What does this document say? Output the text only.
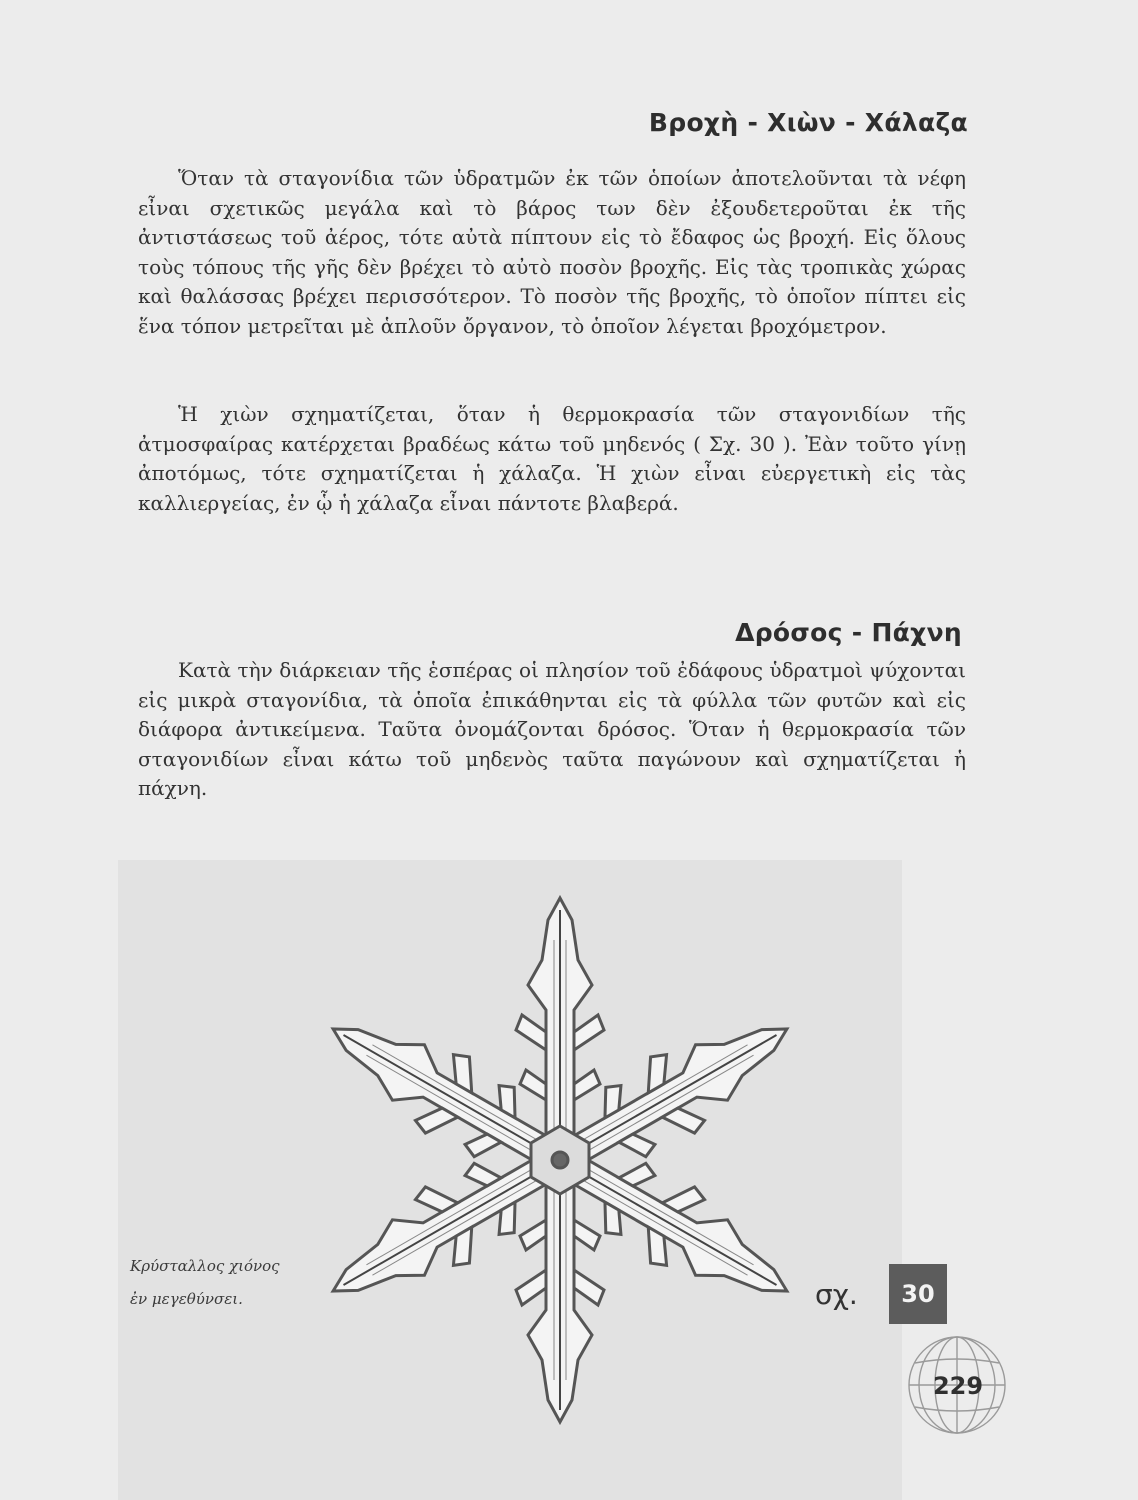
Βροχὴ - Χιὼν - Χάλαζα
Ὅταν τὰ σταγονίδια τῶν ὑδρατμῶν ἐκ τῶν ὁποίων ἀποτελοῦνται τὰ νέφη εἶναι σχετικῶς μεγάλα καὶ τὸ βάρος των δὲν ἐξουδετεροῦται ἐκ τῆς ἀντιστάσεως τοῦ ἀέρος, τότε αὐτὰ πίπτουν εἰς τὸ ἔδαφος ὡς βροχή. Εἰς ὅλους τοὺς τόπους τῆς γῆς δὲν βρέχει τὸ αὐτὸ ποσὸν βροχῆς. Εἰς τὰς τροπικὰς χώρας καὶ θαλάσσας βρέχει περισσότερον. Τὸ ποσὸν τῆς βροχῆς, τὸ ὁποῖον πίπτει εἰς ἕνα τόπον μετρεῖται μὲ ἁπλοῦν ὄργανον, τὸ ὁποῖον λέγεται βροχόμετρον.
Ἡ χιὼν σχηματίζεται, ὅταν ἡ θερμοκρασία τῶν σταγονιδίων τῆς ἀτμοσφαίρας κατέρχεται βραδέως κάτω τοῦ μηδενός ( Σχ. 30 ). Ἐὰν τοῦτο γίνῃ ἀποτόμως, τότε σχηματίζεται ἡ χάλαζα. Ἡ χιὼν εἶναι εὐεργετικὴ εἰς τὰς καλλιεργείας, ἐν ᾧ ἡ χάλαζα εἶναι πάντοτε βλαβερά.
Δρόσος - Πάχνη
Κατὰ τὴν διάρκειαν τῆς ἑσπέρας οἱ πλησίον τοῦ ἐδάφους ὑδρατμοὶ ψύχονται εἰς μικρὰ σταγονίδια, τὰ ὁποῖα ἐπικάθηνται εἰς τὰ φύλλα τῶν φυτῶν καὶ εἰς διάφορα ἀντικείμενα. Ταῦτα ὀνομάζονται δρόσος. Ὅταν ἡ θερμοκρασία τῶν σταγονιδίων εἶναι κάτω τοῦ μηδενὸς ταῦτα παγώνουν καὶ σχηματίζεται ἡ πάχνη.
Κρύσταλλος χιόνος
ἐν μεγεθύνσει.	σχ.	30
229
